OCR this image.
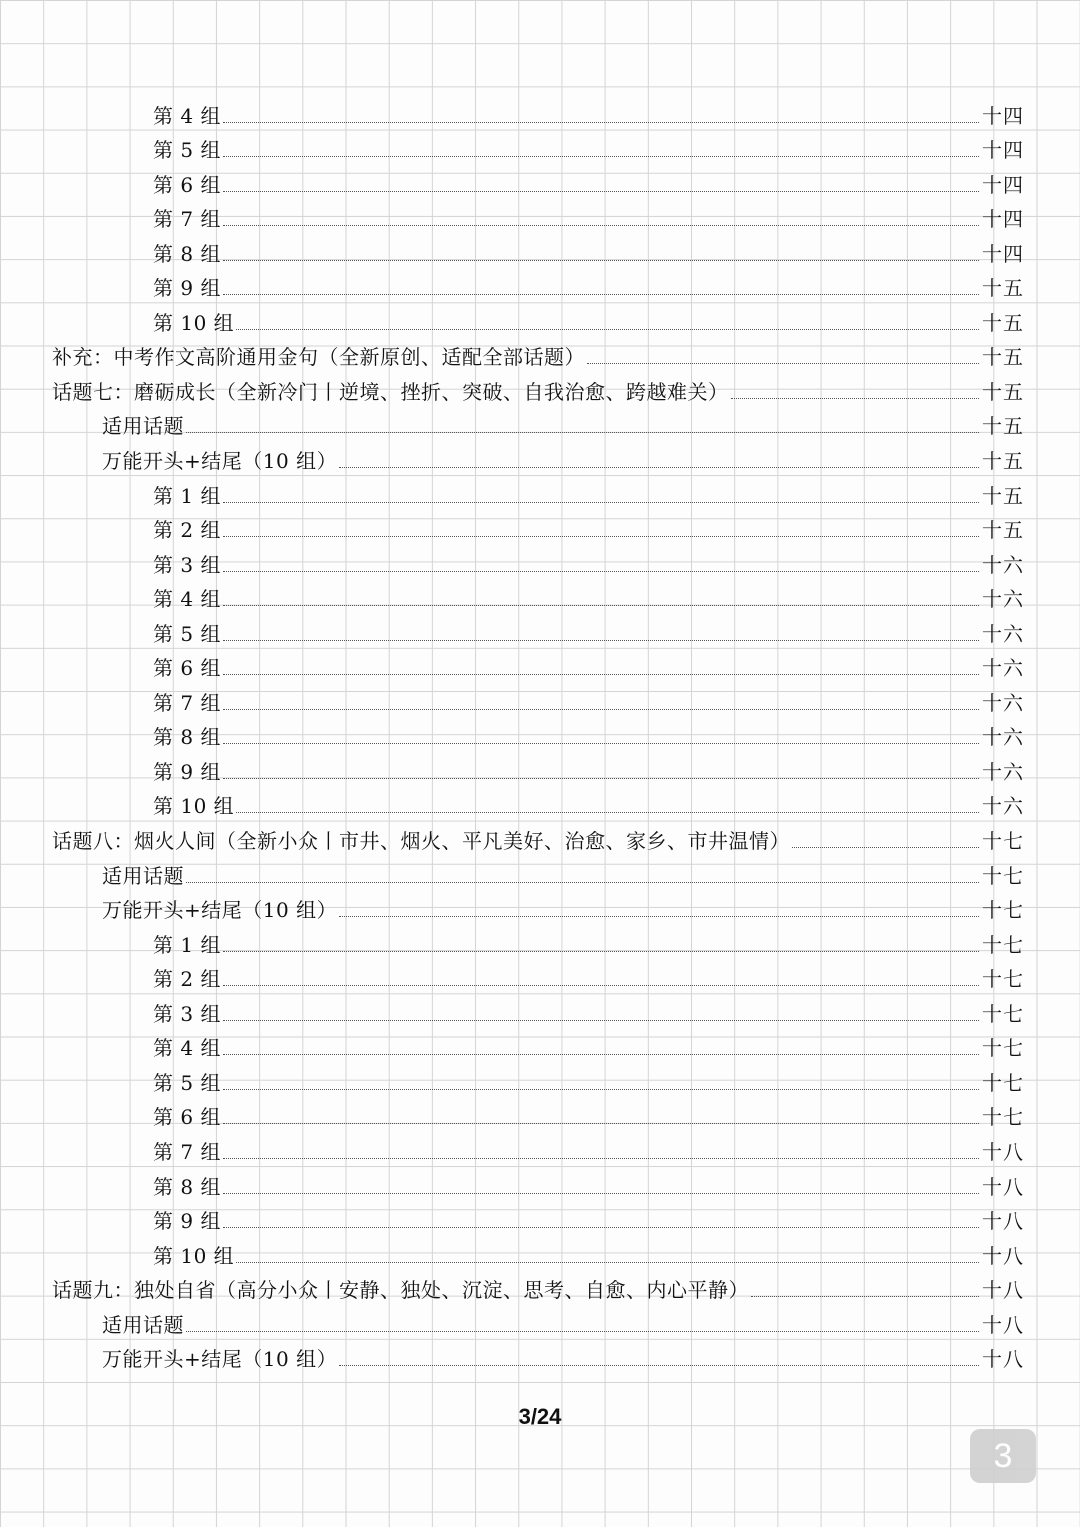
第 4 组	十四
第 5 组	十四
第 6 组	十四
第 7 组	十四
第 8 组	十四
第 9 组	十五
第 10 组	十五
补充：中考作文高阶通用金句（全新原创、适配全部话题）	十五
话题七：磨砺成长（全新冷门丨逆境、挫折、突破、自我治愈、跨越难关）	十五
适用话题	十五
万能开头+结尾（10 组）	十五
第 1 组	十五
第 2 组	十五
第 3 组	十六
第 4 组	十六
第 5 组	十六
第 6 组	十六
第 7 组	十六
第 8 组	十六
第 9 组	十六
第 10 组	十六
话题八：烟火人间（全新小众丨市井、烟火、平凡美好、治愈、家乡、市井温情）	十七
适用话题	十七
万能开头+结尾（10 组）	十七
第 1 组	十七
第 2 组	十七
第 3 组	十七
第 4 组	十七
第 5 组	十七
第 6 组	十七
第 7 组	十八
第 8 组	十八
第 9 组	十八
第 10 组	十八
话题九：独处自省（高分小众丨安静、独处、沉淀、思考、自愈、内心平静）	十八
适用话题	十八
万能开头+结尾（10 组）	十八
3/24
3
